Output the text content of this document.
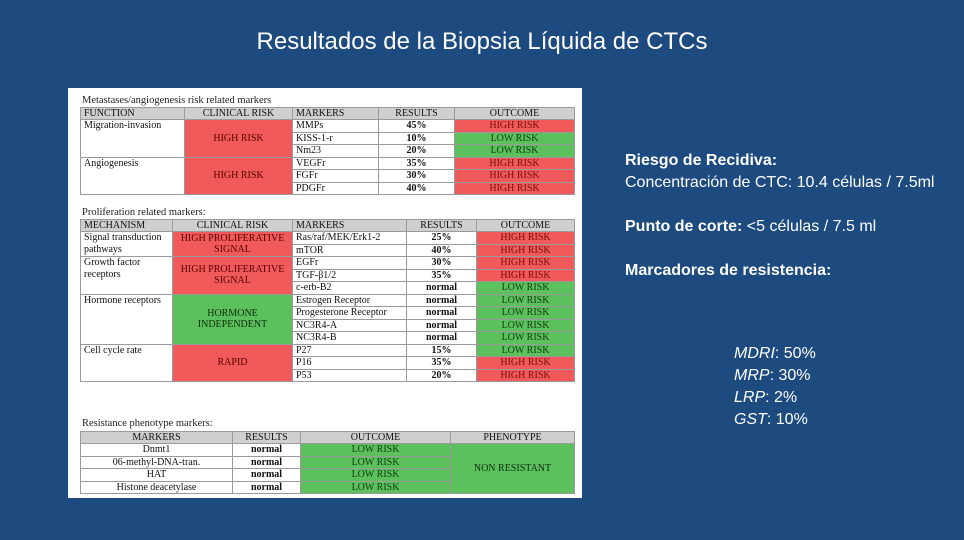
Resultados de la Biopsia Líquida de CTCs
Metastases/angiogenesis risk related markers
FUNCTION	CLINICAL RISK	MARKERS	RESULTS	OUTCOME
Migration-invasion	HIGH RISK	MMPs	45%	HIGH RISK
		KISS-1-r	10%	LOW RISK
		Nm23	20%	LOW RISK
Angiogenesis	HIGH RISK	VEGFr	35%	HIGH RISK
		FGFr	30%	HIGH RISK
		PDGFr	40%	HIGH RISK
Proliferation related markers:
MECHANISM	CLINICAL RISK	MARKERS	RESULTS	OUTCOME
Signal transduction pathways	HIGH PROLIFERATIVE SIGNAL	Ras/raf/MEK/Erk1-2	25%	HIGH RISK
		mTOR	40%	HIGH RISK
Growth factor receptors	HIGH PROLIFERATIVE SIGNAL	EGFr	30%	HIGH RISK
		TGF-β1/2	35%	HIGH RISK
		c-erb-B2	normal	LOW RISK
Hormone receptors	HORMONE INDEPENDENT	Estrogen Receptor	normal	LOW RISK
		Progesterone Receptor	normal	LOW RISK
		NC3R4-A	normal	LOW RISK
		NC3R4-B	normal	LOW RISK
Cell cycle rate	RAPID	P27	15%	LOW RISK
		P16	35%	HIGH RISK
		P53	20%	HIGH RISK
Resistance phenotype markers:
MARKERS	RESULTS	OUTCOME	PHENOTYPE
Dnmt1	normal	LOW RISK	NON RESISTANT
06-methyl-DNA-tran.	normal	LOW RISK	
HAT	normal	LOW RISK	
Histone deacetylase	normal	LOW RISK	

Riesgo de Recidiva:

Concentración de CTC: 10.4 células / 7.5ml

Punto de corte: <5 células / 7.5 ml

Marcadores de resistencia:

MDRI: 50%
MRP: 30%
LRP: 2%
GST: 10%
